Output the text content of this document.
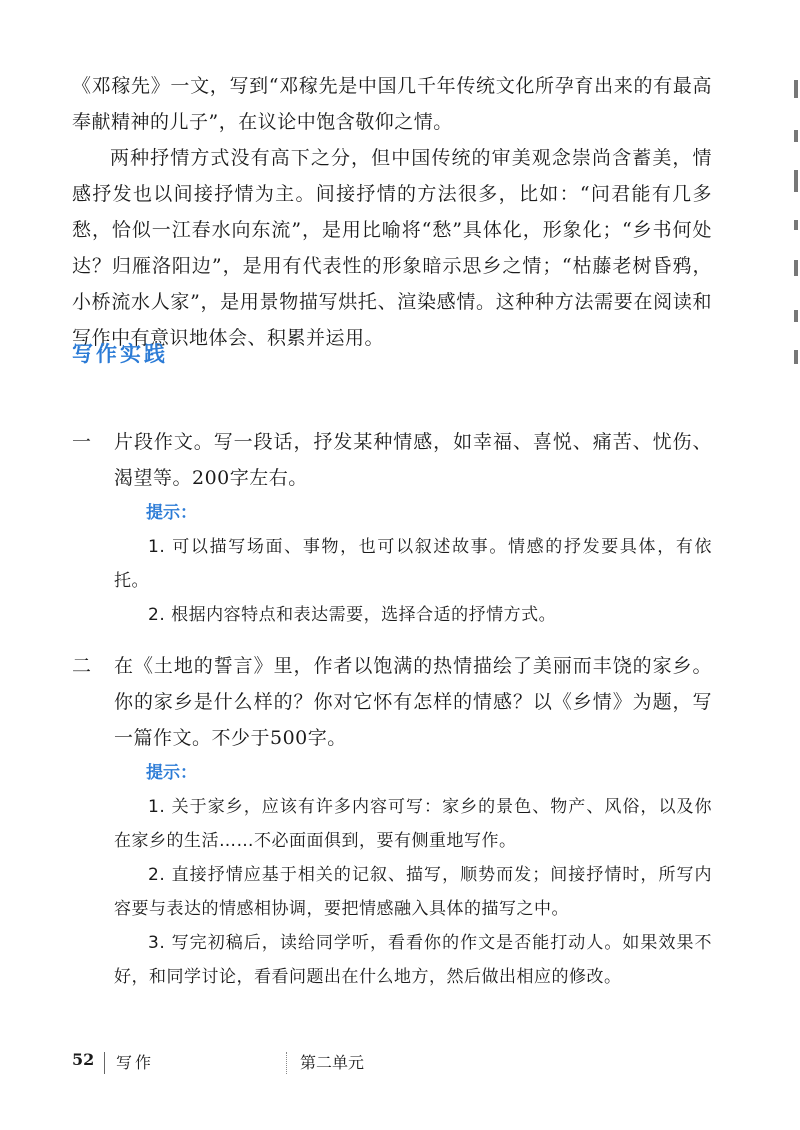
《邓稼先》一文，写到“邓稼先是中国几千年传统文化所孕育出来的有最高奉献精神的儿子”，在议论中饱含敬仰之情。

两种抒情方式没有高下之分，但中国传统的审美观念崇尚含蓄美，情感抒发也以间接抒情为主。间接抒情的方法很多，比如：“问君能有几多愁，恰似一江春水向东流”，是用比喻将“愁”具体化，形象化；“乡书何处达？归雁洛阳边”，是用有代表性的形象暗示思乡之情；“枯藤老树昏鸦，小桥流水人家”，是用景物描写烘托、渲染感情。这种种方法需要在阅读和写作中有意识地体会、积累并运用。

写作实践
一 片段作文。写一段话，抒发某种情感，如幸福、喜悦、痛苦、忧伤、渴望等。200字左右。
提示：
1. 可以描写场面、事物，也可以叙述故事。情感的抒发要具体，有依托。
2. 根据内容特点和表达需要，选择合适的抒情方式。
二 在《土地的誓言》里，作者以饱满的热情描绘了美丽而丰饶的家乡。你的家乡是什么样的？你对它怀有怎样的情感？以《乡情》为题，写一篇作文。不少于500字。
提示：
1. 关于家乡，应该有许多内容可写：家乡的景色、物产、风俗，以及你在家乡的生活……不必面面俱到，要有侧重地写作。
2. 直接抒情应基于相关的记叙、描写，顺势而发；间接抒情时，所写内容要与表达的情感相协调，要把情感融入具体的描写之中。
3. 写完初稿后，读给同学听，看看你的作文是否能打动人。如果效果不好，和同学讨论，看看问题出在什么地方，然后做出相应的修改。
52 写作	第二单元
